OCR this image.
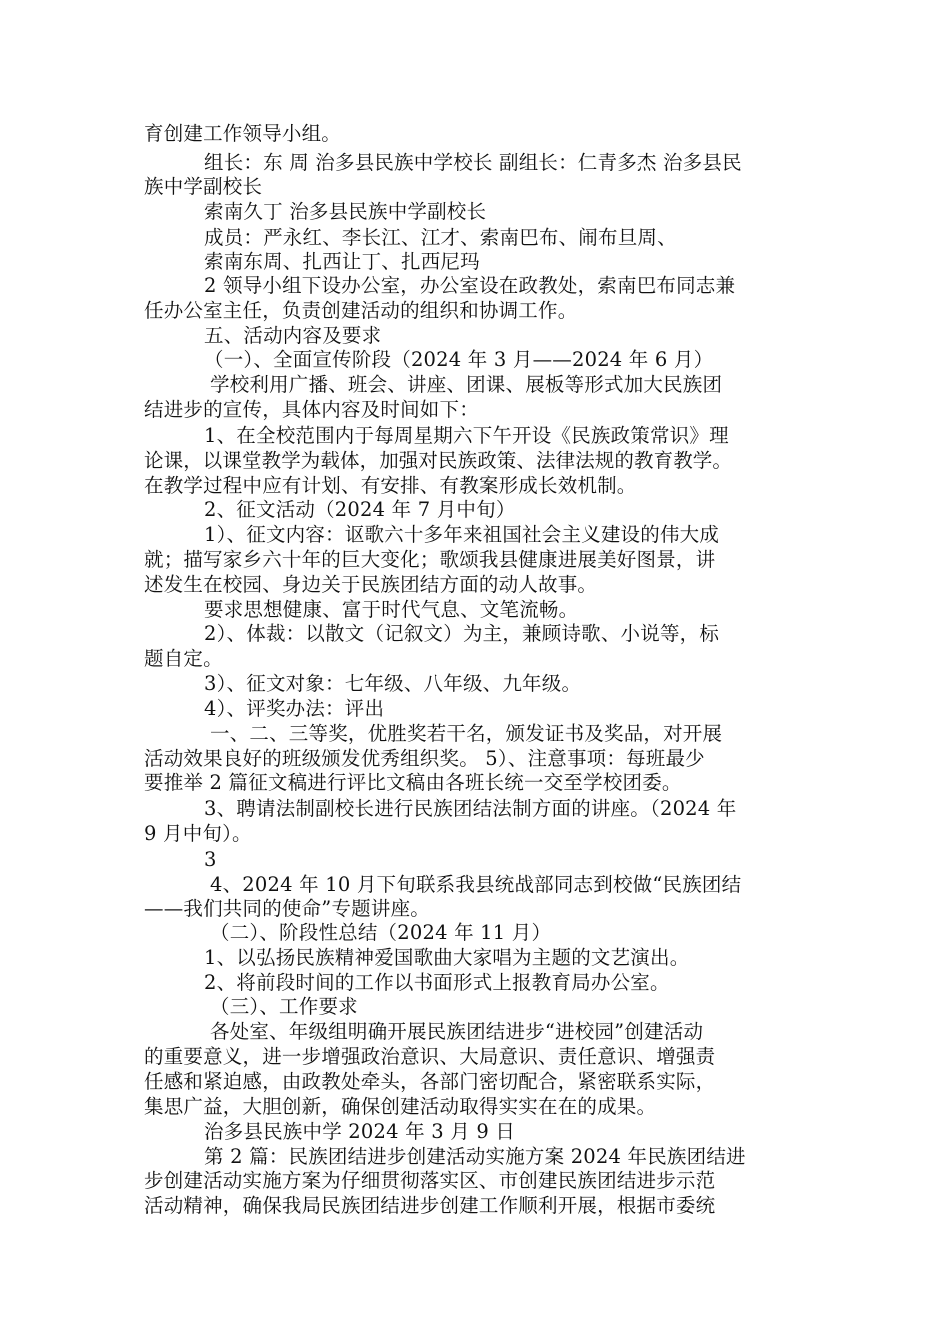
育创建工作领导小组。
组长：东 周 治多县民族中学校长 副组长：仁青多杰 治多县民
族中学副校长
索南久丁 治多县民族中学副校长
成员：严永红、李长江、江才、索南巴布、闹布旦周、
索南东周、扎西让丁、扎西尼玛
2 领导小组下设办公室，办公室设在政教处，索南巴布同志兼
任办公室主任，负责创建活动的组织和协调工作。
五、活动内容及要求
（一）、全面宣传阶段（2024 年 3 月——2024 年 6 月）
学校利用广播、班会、讲座、团课、展板等形式加大民族团
结进步的宣传，具体内容及时间如下：
1、在全校范围内于每周星期六下午开设《民族政策常识》理
论课，以课堂教学为载体，加强对民族政策、法律法规的教育教学。
在教学过程中应有计划、有安排、有教案形成长效机制。
2、征文活动（2024 年 7 月中旬）
1）、征文内容：讴歌六十多年来祖国社会主义建设的伟大成
就；描写家乡六十年的巨大变化；歌颂我县健康进展美好图景，讲
述发生在校园、身边关于民族团结方面的动人故事。
要求思想健康、富于时代气息、文笔流畅。
2）、体裁：以散文（记叙文）为主，兼顾诗歌、小说等，标
题自定。
3）、征文对象：七年级、八年级、九年级。
4）、评奖办法：评出
一、二、三等奖，优胜奖若干名，颁发证书及奖品，对开展
活动效果良好的班级颁发优秀组织奖。 5）、注意事项：每班最少
要推举 2 篇征文稿进行评比文稿由各班长统一交至学校团委。
3、聘请法制副校长进行民族团结法制方面的讲座。（2024 年
9 月中旬）。
3
4、2024 年 10 月下旬联系我县统战部同志到校做“民族团结
——我们共同的使命”专题讲座。
（二）、阶段性总结（2024 年 11 月）
1、以弘扬民族精神爱国歌曲大家唱为主题的文艺演出。
2、将前段时间的工作以书面形式上报教育局办公室。
（三）、工作要求
各处室、年级组明确开展民族团结进步“进校园”创建活动
的重要意义，进一步增强政治意识、大局意识、责任意识、增强责
任感和紧迫感，由政教处牵头，各部门密切配合，紧密联系实际，
集思广益，大胆创新，确保创建活动取得实实在在的成果。
治多县民族中学 2024 年 3 月 9 日
第 2 篇：民族团结进步创建活动实施方案 2024 年民族团结进
步创建活动实施方案为仔细贯彻落实区、市创建民族团结进步示范
活动精神，确保我局民族团结进步创建工作顺利开展，根据市委统
